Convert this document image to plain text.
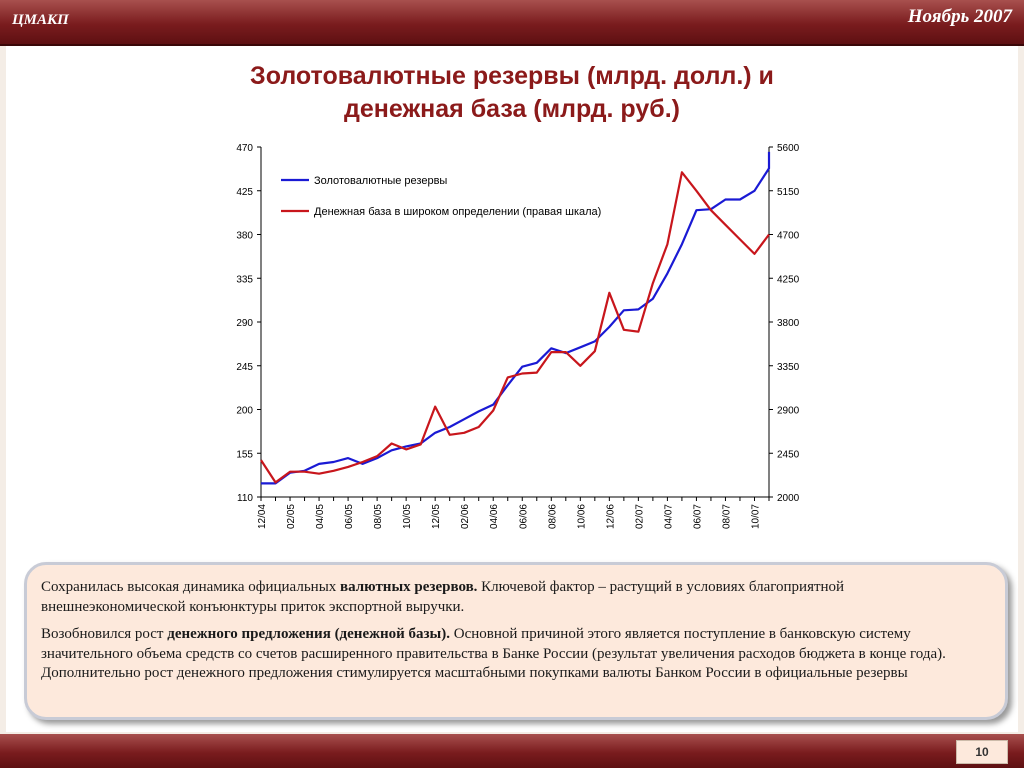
ЦМАКП	Ноябрь 2007
Золотовалютные резервы (млрд. долл.) и
денежная база (млрд. руб.)
470
425
380
335
290
245
200
155
110
5600
5150
4700
4250
3800
3350
2900
2450
2000
12/04 02/05 04/05 06/05 08/05 10/05 12/05 02/06 04/06 06/06 08/06 10/06 12/06 02/07 04/07 06/07 08/07 10/07
Золотовалютные резервы
Денежная база в широком определении (правая шкала)

Сохранилась высокая динамика официальных валютных резервов. Ключевой фактор – растущий в условиях благоприятной внешнеэкономической конъюнктуры приток экспортной выручки.

Возобновился рост денежного предложения (денежной базы). Основной причиной этого является поступление в банковскую систему значительного объема средств со счетов расширенного правительства в Банке России (результат увеличения расходов бюджета в конце года). Дополнительно рост денежного предложения стимулируется масштабными покупками валюты Банком России в официальные резервы

10
